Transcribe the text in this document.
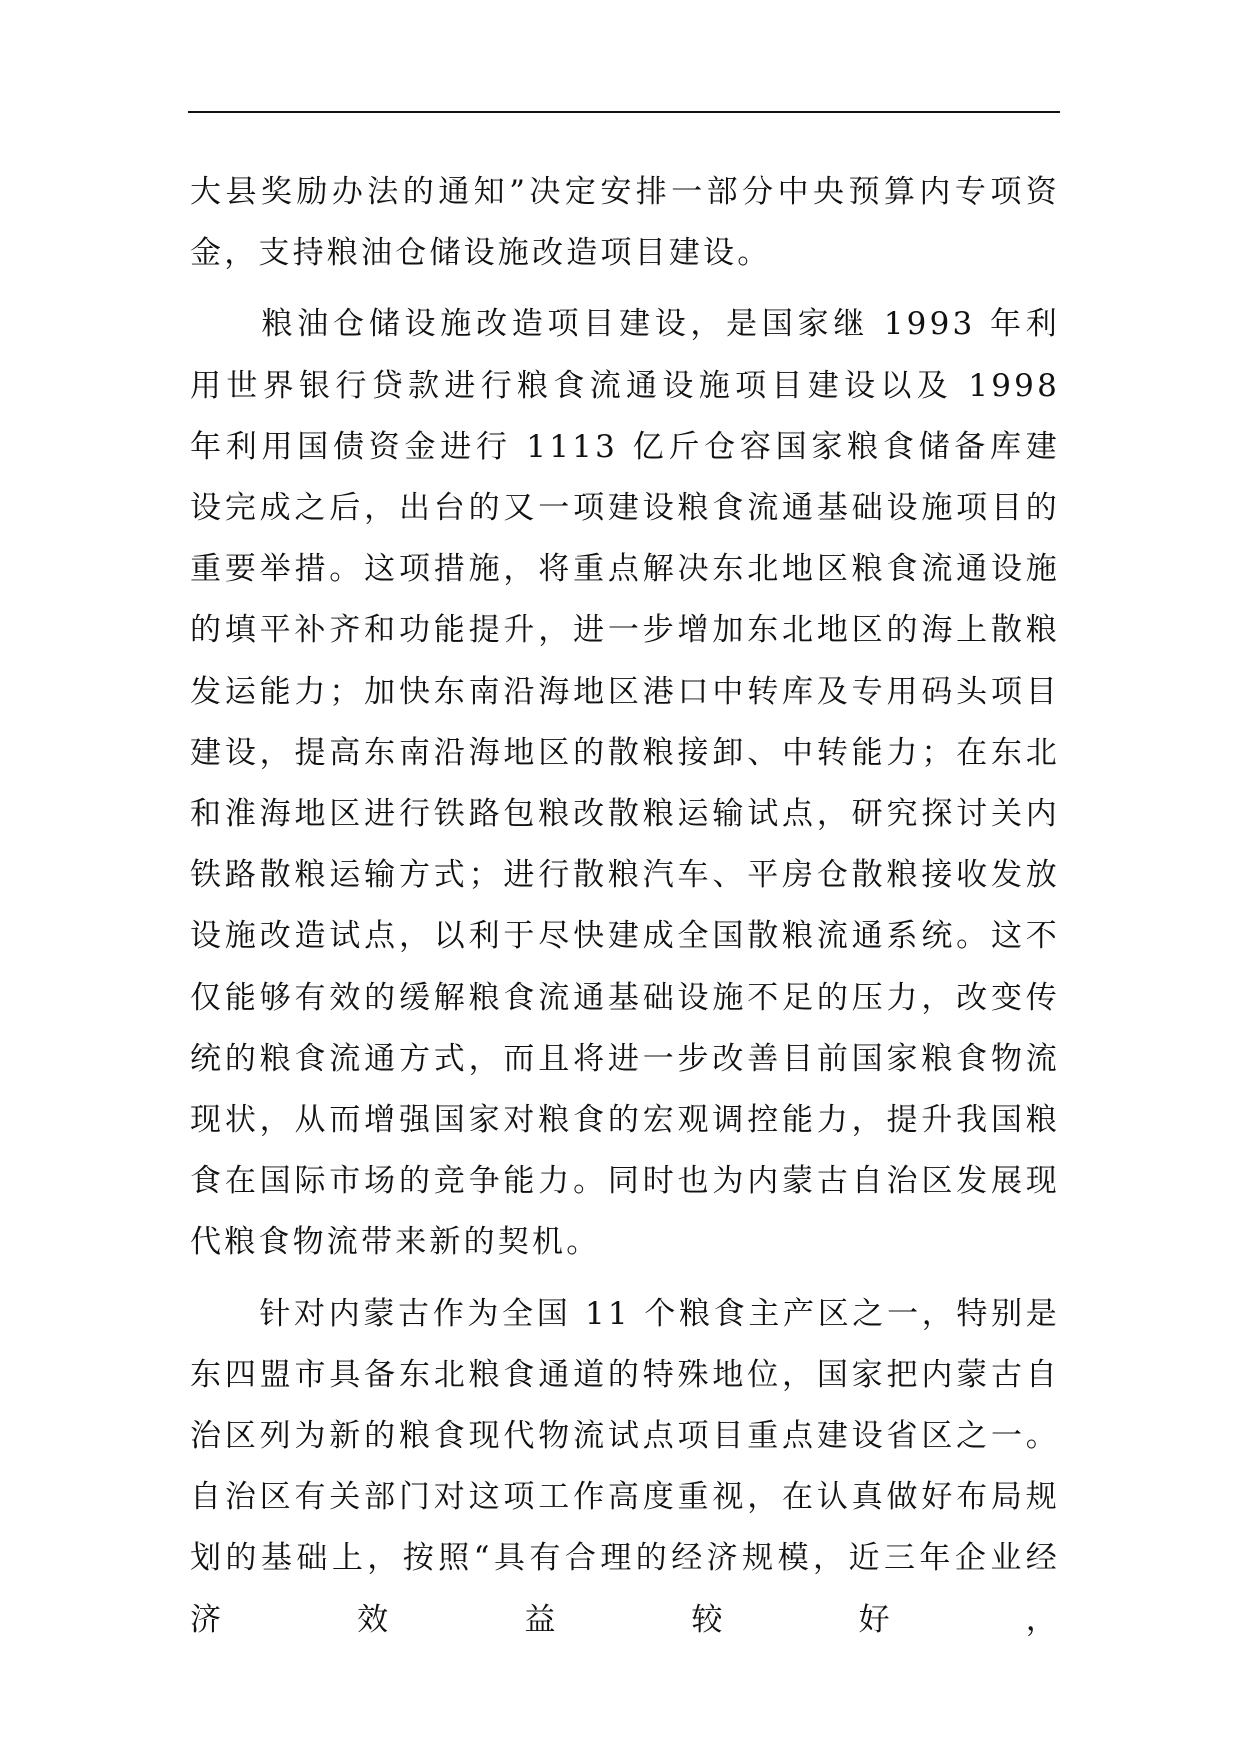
大县奖励办法的通知”决定安排一部分中央预算内专项资金，支持粮油仓储设施改造项目建设。

　　粮油仓储设施改造项目建设，是国家继 1993 年利用世界银行贷款进行粮食流通设施项目建设以及 1998 年利用国债资金进行 1113 亿斤仓容国家粮食储备库建设完成之后，出台的又一项建设粮食流通基础设施项目的重要举措。这项措施，将重点解决东北地区粮食流通设施的填平补齐和功能提升，进一步增加东北地区的海上散粮发运能力；加快东南沿海地区港口中转库及专用码头项目建设，提高东南沿海地区的散粮接卸、中转能力；在东北和淮海地区进行铁路包粮改散粮运输试点，研究探讨关内铁路散粮运输方式；进行散粮汽车、平房仓散粮接收发放设施改造试点，以利于尽快建成全国散粮流通系统。这不仅能够有效的缓解粮食流通基础设施不足的压力，改变传统的粮食流通方式，而且将进一步改善目前国家粮食物流现状，从而增强国家对粮食的宏观调控能力，提升我国粮食在国际市场的竞争能力。同时也为内蒙古自治区发展现代粮食物流带来新的契机。

　　针对内蒙古作为全国 11 个粮食主产区之一，特别是东四盟市具备东北粮食通道的特殊地位，国家把内蒙古自治区列为新的粮食现代物流试点项目重点建设省区之一。自治区有关部门对这项工作高度重视，在认真做好布局规划的基础上，按照“具有合理的经济规模，近三年企业经济效益较好，
